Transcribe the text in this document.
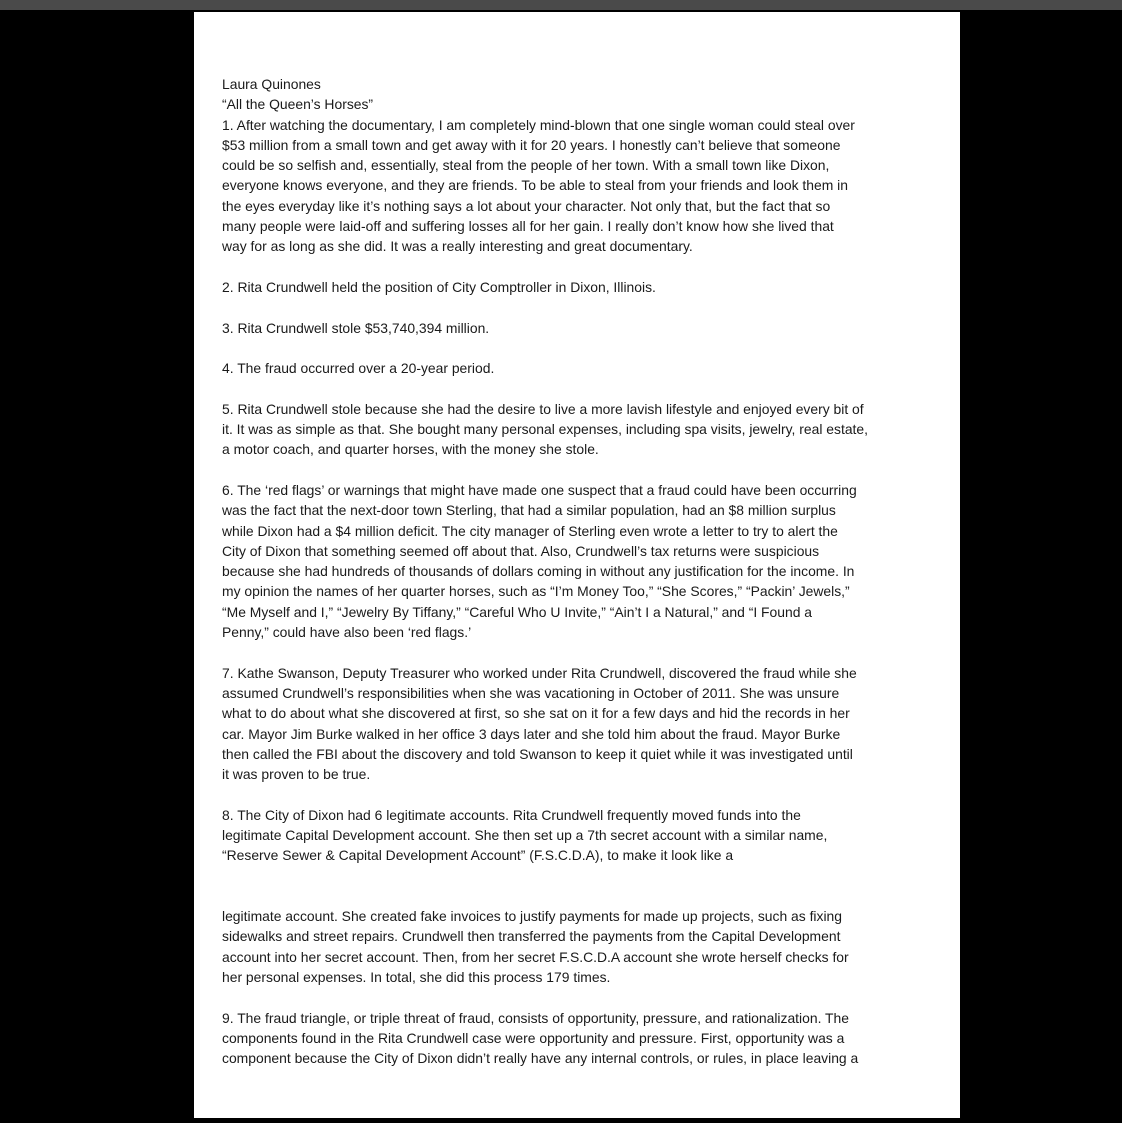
Laura Quinones

“All the Queen’s Horses”

1. After watching the documentary, I am completely mind-blown that one single woman could steal over

$53 million from a small town and get away with it for 20 years. I honestly can’t believe that someone

could be so selfish and, essentially, steal from the people of her town. With a small town like Dixon,

everyone knows everyone, and they are friends. To be able to steal from your friends and look them in

the eyes everyday like it’s nothing says a lot about your character. Not only that, but the fact that so

many people were laid-off and suffering losses all for her gain. I really don’t know how she lived that

way for as long as she did. It was a really interesting and great documentary.

2. Rita Crundwell held the position of City Comptroller in Dixon, Illinois.

3. Rita Crundwell stole $53,740,394 million.

4. The fraud occurred over a 20-year period.

5. Rita Crundwell stole because she had the desire to live a more lavish lifestyle and enjoyed every bit of

it. It was as simple as that. She bought many personal expenses, including spa visits, jewelry, real estate,

a motor coach, and quarter horses, with the money she stole.

6. The ‘red flags’ or warnings that might have made one suspect that a fraud could have been occurring

was the fact that the next-door town Sterling, that had a similar population, had an $8 million surplus

while Dixon had a $4 million deficit. The city manager of Sterling even wrote a letter to try to alert the

City of Dixon that something seemed off about that. Also, Crundwell’s tax returns were suspicious

because she had hundreds of thousands of dollars coming in without any justification for the income. In

my opinion the names of her quarter horses, such as “I’m Money Too,” “She Scores,” “Packin’ Jewels,”

“Me Myself and I,” “Jewelry By Tiffany,” “Careful Who U Invite,” “Ain’t I a Natural,” and “I Found a

Penny,” could have also been ‘red flags.’

7. Kathe Swanson, Deputy Treasurer who worked under Rita Crundwell, discovered the fraud while she

assumed Crundwell’s responsibilities when she was vacationing in October of 2011. She was unsure

what to do about what she discovered at first, so she sat on it for a few days and hid the records in her

car. Mayor Jim Burke walked in her office 3 days later and she told him about the fraud. Mayor Burke

then called the FBI about the discovery and told Swanson to keep it quiet while it was investigated until

it was proven to be true.

8. The City of Dixon had 6 legitimate accounts. Rita Crundwell frequently moved funds into the

legitimate Capital Development account. She then set up a 7th secret account with a similar name,

“Reserve Sewer & Capital Development Account” (F.S.C.D.A), to make it look like a

legitimate account. She created fake invoices to justify payments for made up projects, such as fixing

sidewalks and street repairs. Crundwell then transferred the payments from the Capital Development

account into her secret account. Then, from her secret F.S.C.D.A account she wrote herself checks for

her personal expenses. In total, she did this process 179 times.

9. The fraud triangle, or triple threat of fraud, consists of opportunity, pressure, and rationalization. The

components found in the Rita Crundwell case were opportunity and pressure. First, opportunity was a

component because the City of Dixon didn’t really have any internal controls, or rules, in place leaving a
